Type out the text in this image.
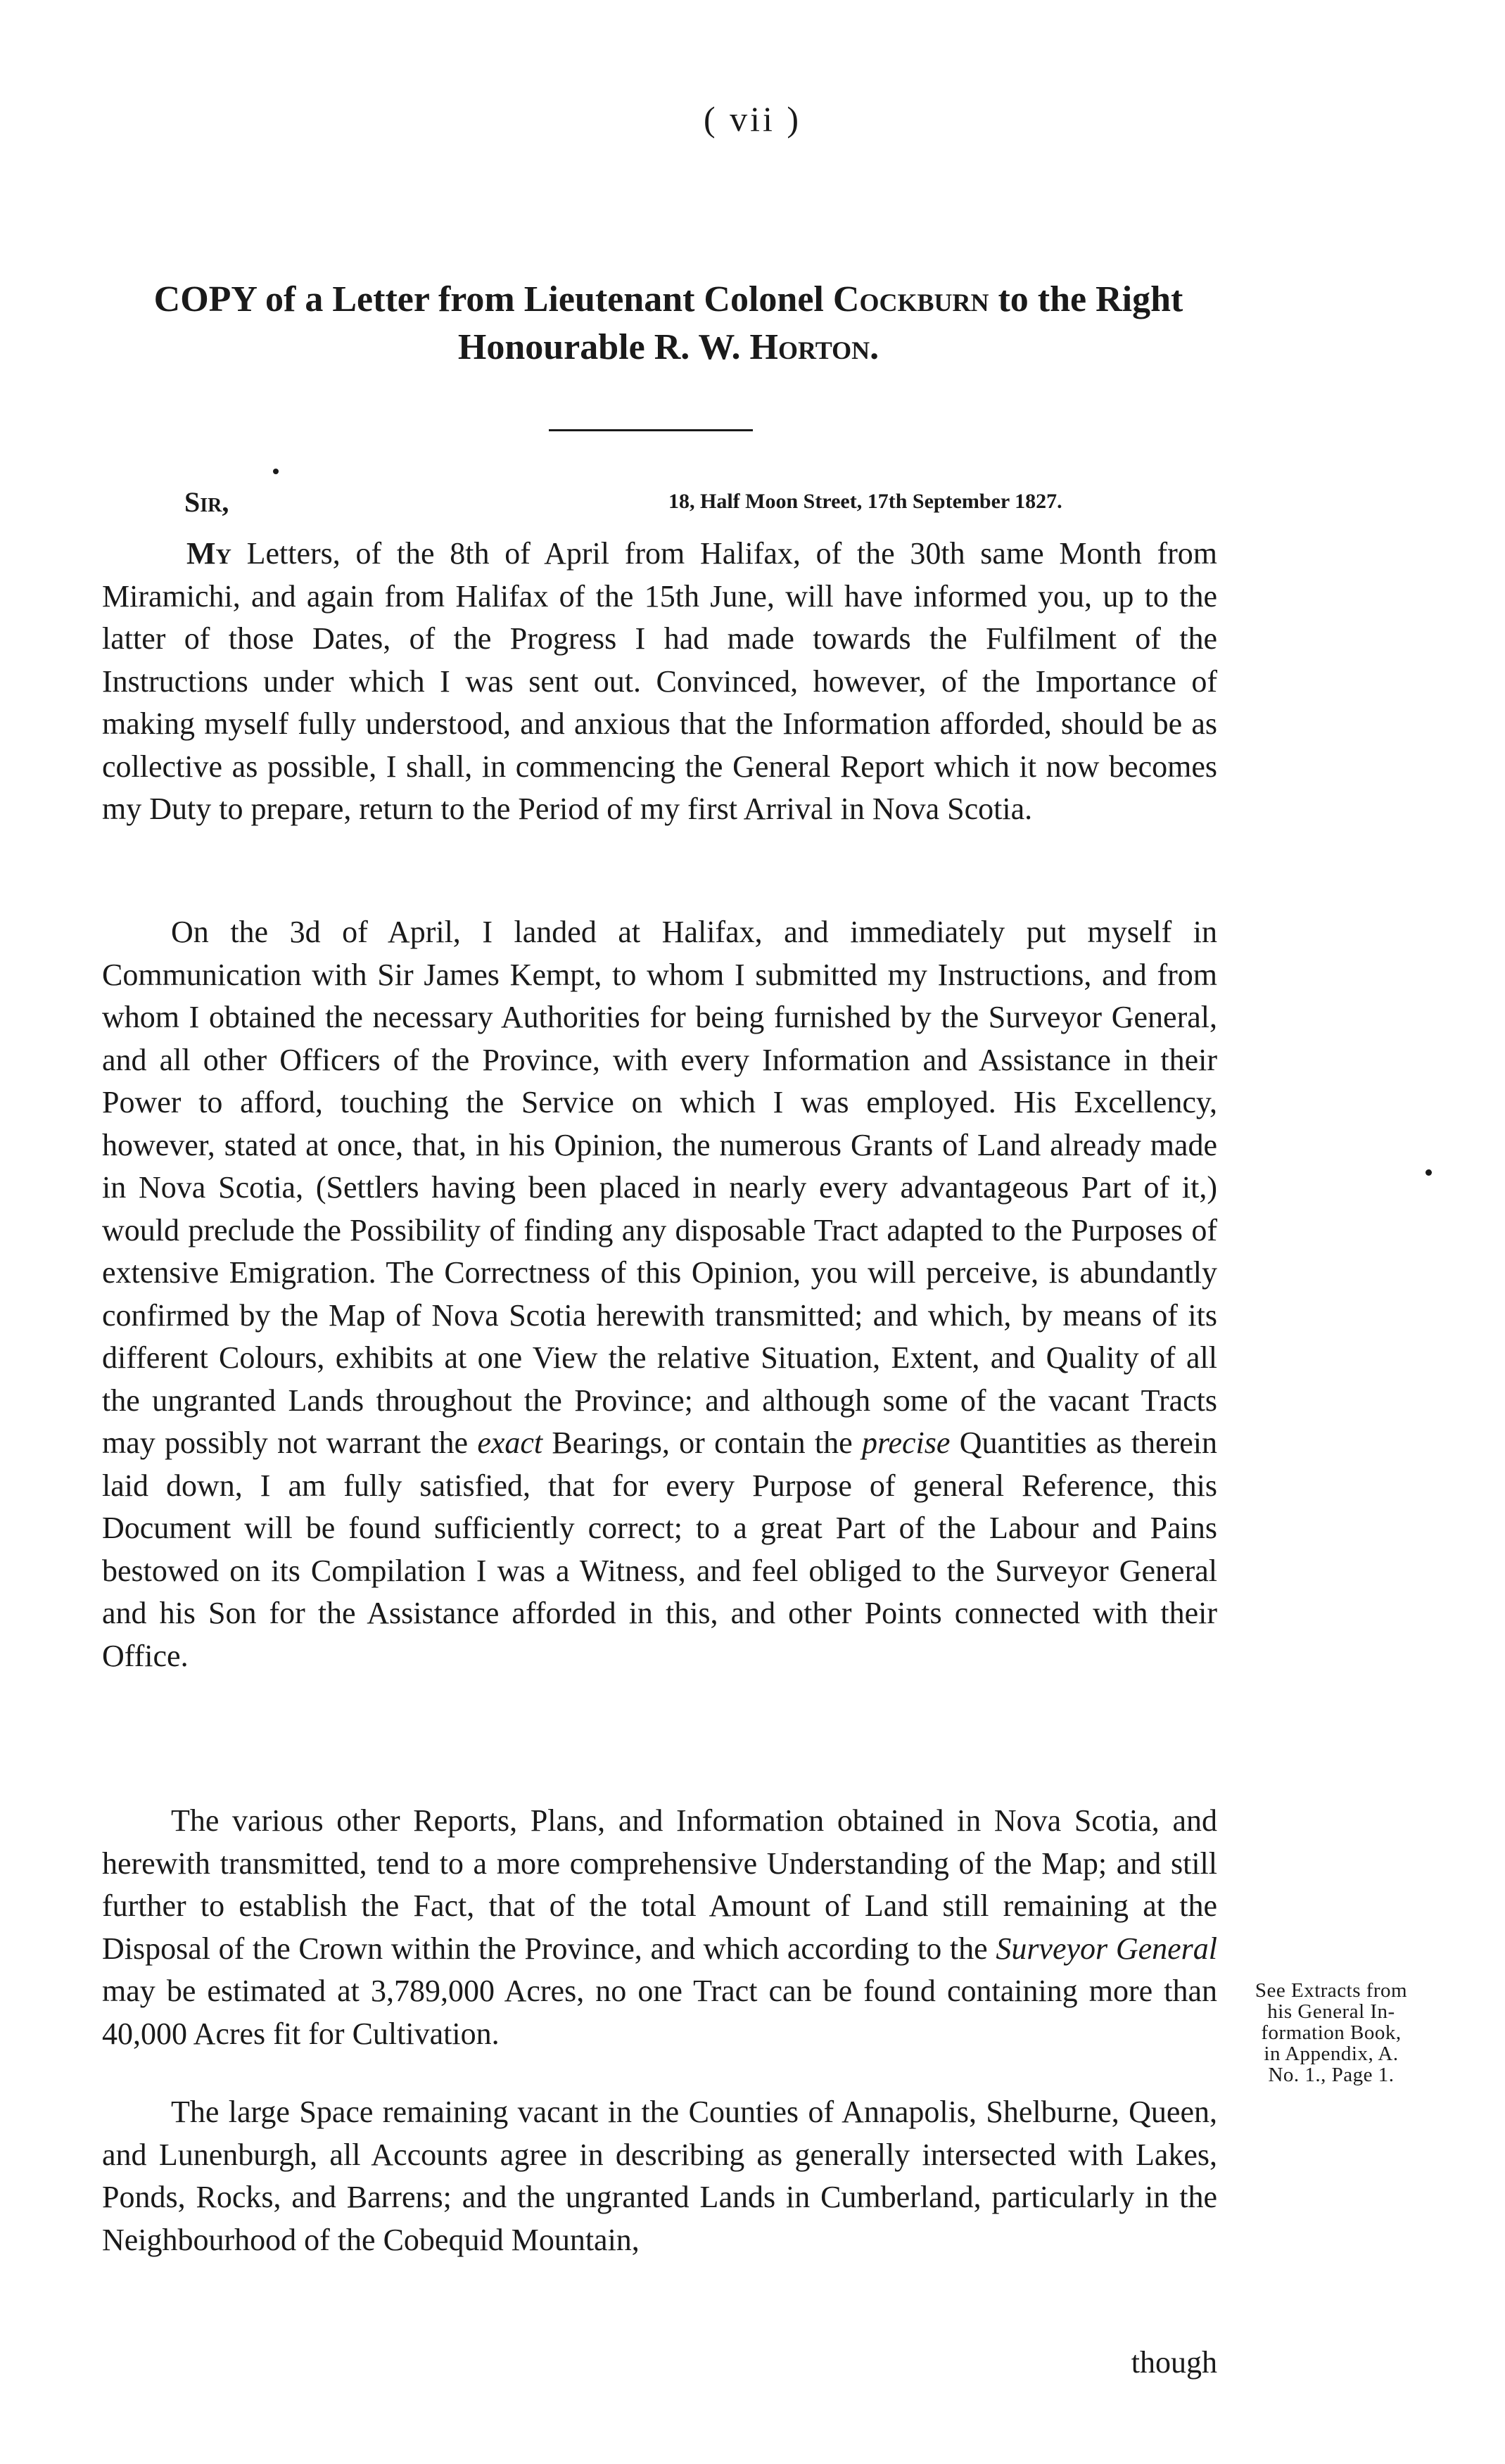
( vii )
COPY of a Letter from Lieutenant Colonel Cockburn to the Right Honourable R. W. Horton.
Sir,	18, Half Moon Street, 17th September 1827.

My Letters, of the 8th of April from Halifax, of the 30th same Month from Miramichi, and again from Halifax of the 15th June, will have informed you, up to the latter of those Dates, of the Progress I had made towards the Fulfilment of the Instructions under which I was sent out. Convinced, however, of the Importance of making myself fully understood, and anxious that the Information afforded, should be as collective as possible, I shall, in commencing the General Report which it now becomes my Duty to prepare, return to the Period of my first Arrival in Nova Scotia.

On the 3d of April, I landed at Halifax, and immediately put myself in Communication with Sir James Kempt, to whom I submitted my Instructions, and from whom I obtained the necessary Authorities for being furnished by the Surveyor General, and all other Officers of the Province, with every Information and Assistance in their Power to afford, touching the Service on which I was employed. His Excellency, however, stated at once, that, in his Opinion, the numerous Grants of Land already made in Nova Scotia, (Settlers having been placed in nearly every advantageous Part of it,) would preclude the Possibility of finding any disposable Tract adapted to the Purposes of extensive Emigration. The Correctness of this Opinion, you will perceive, is abundantly confirmed by the Map of Nova Scotia herewith transmitted; and which, by means of its different Colours, exhibits at one View the relative Situation, Extent, and Quality of all the ungranted Lands throughout the Province; and although some of the vacant Tracts may possibly not warrant the exact Bearings, or contain the precise Quantities as therein laid down, I am fully satisfied, that for every Purpose of general Reference, this Document will be found sufficiently correct; to a great Part of the Labour and Pains bestowed on its Compilation I was a Witness, and feel obliged to the Surveyor General and his Son for the Assistance afforded in this, and other Points connected with their Office.

The various other Reports, Plans, and Information obtained in Nova Scotia, and herewith transmitted, tend to a more comprehensive Understanding of the Map; and still further to establish the Fact, that of the total Amount of Land still remaining at the Disposal of the Crown within the Province, and which according to the Surveyor General may be estimated at 3,789,000 Acres, no one Tract can be found containing more than 40,000 Acres fit for Cultivation.

See Extracts from
his General In-
formation Book,
in Appendix, A.
No. 1., Page 1.

The large Space remaining vacant in the Counties of Annapolis, Shelburne, Queen, and Lunenburgh, all Accounts agree in describing as generally intersected with Lakes, Ponds, Rocks, and Barrens; and the ungranted Lands in Cumberland, particularly in the Neighbourhood of the Cobequid Mountain,

though
